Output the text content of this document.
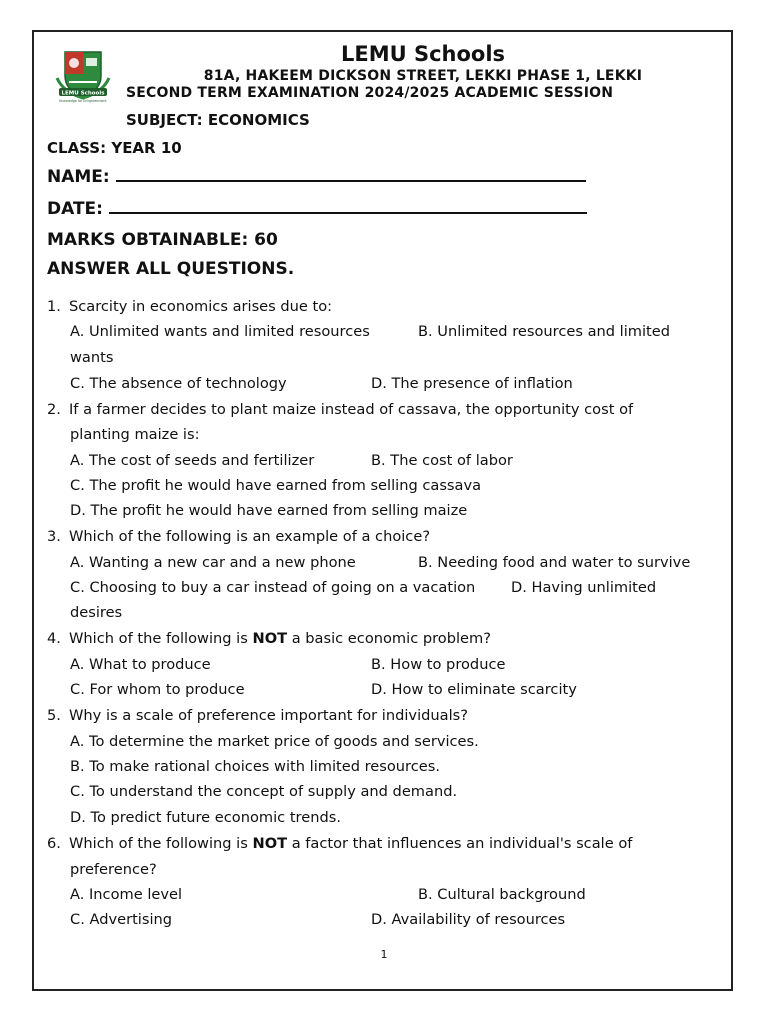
LEMU Schools
Knowledge for Enlightenment
LEMU Schools
81A, HAKEEM DICKSON STREET, LEKKI PHASE 1, LEKKI
SECOND TERM EXAMINATION 2024/2025 ACADEMIC SESSION
SUBJECT: ECONOMICS
CLASS: YEAR 10
NAME:
DATE:
MARKS OBTAINABLE: 60
ANSWER ALL QUESTIONS.
1. Scarcity in economics arises due to:
A. Unlimited wants and limited resources	B. Unlimited resources and limited
wants
C. The absence of technology	D. The presence of inflation
2. If a farmer decides to plant maize instead of cassava, the opportunity cost of
planting maize is:
A. The cost of seeds and fertilizer	B. The cost of labor
C. The profit he would have earned from selling cassava
D. The profit he would have earned from selling maize
3. Which of the following is an example of a choice?
A. Wanting a new car and a new phone	B. Needing food and water to survive
C. Choosing to buy a car instead of going on a vacation D. Having unlimited
desires
4. Which of the following is NOT a basic economic problem?
A. What to produce	B. How to produce
C. For whom to produce	D. How to eliminate scarcity
5. Why is a scale of preference important for individuals?
A. To determine the market price of goods and services.
B. To make rational choices with limited resources.
C. To understand the concept of supply and demand.
D. To predict future economic trends.
6. Which of the following is NOT a factor that influences an individual's scale of
preference?
A. Income level	B. Cultural background
C. Advertising	D. Availability of resources
1
